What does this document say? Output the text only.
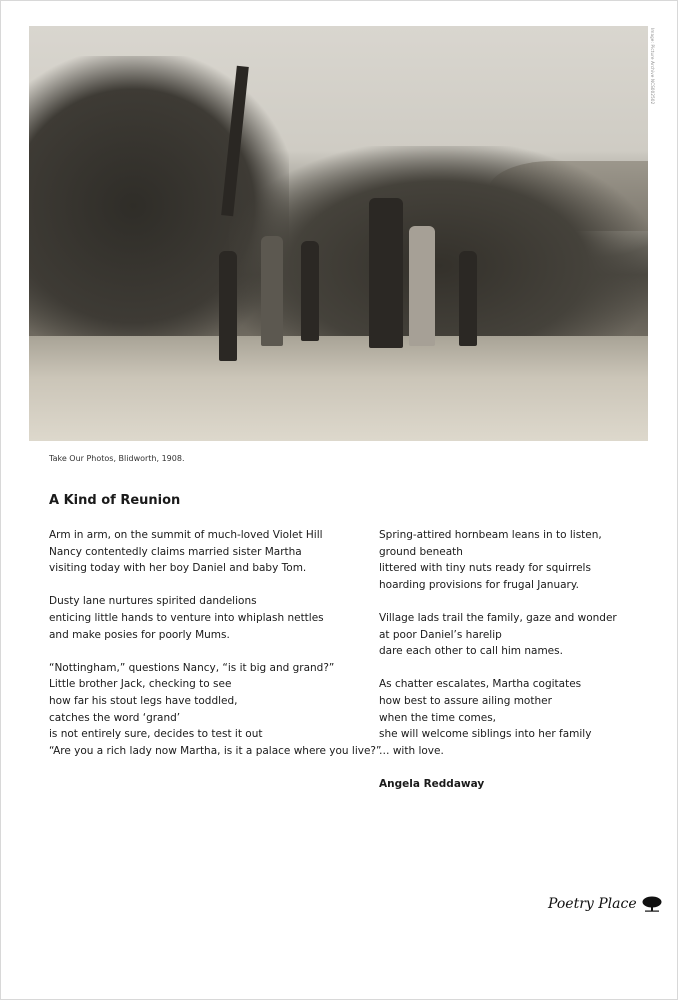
Image: Picture Archive NCS002502
Take Our Photos, Blidworth, 1908.
A Kind of Reunion
Arm in arm, on the summit of much-loved Violet Hill
Nancy contentedly claims married sister Martha
visiting today with her boy Daniel and baby Tom.
Dusty lane nurtures spirited dandelions
enticing little hands to venture into whiplash nettles
and make posies for poorly Mums.
“Nottingham,” questions Nancy, “is it big and grand?”
Little brother Jack, checking to see
how far his stout legs have toddled,
catches the word ‘grand’
is not entirely sure, decides to test it out
“Are you a rich lady now Martha, is it a palace where you live?”
Spring-attired hornbeam leans in to listen,
ground beneath
littered with tiny nuts ready for squirrels
hoarding provisions for frugal January.
Village lads trail the family, gaze and wonder
at poor Daniel’s harelip
dare each other to call him names.
As chatter escalates, Martha cogitates
how best to assure ailing mother
when the time comes,
she will welcome siblings into her family
… with love.
Angela Reddaway
Poetry Place
